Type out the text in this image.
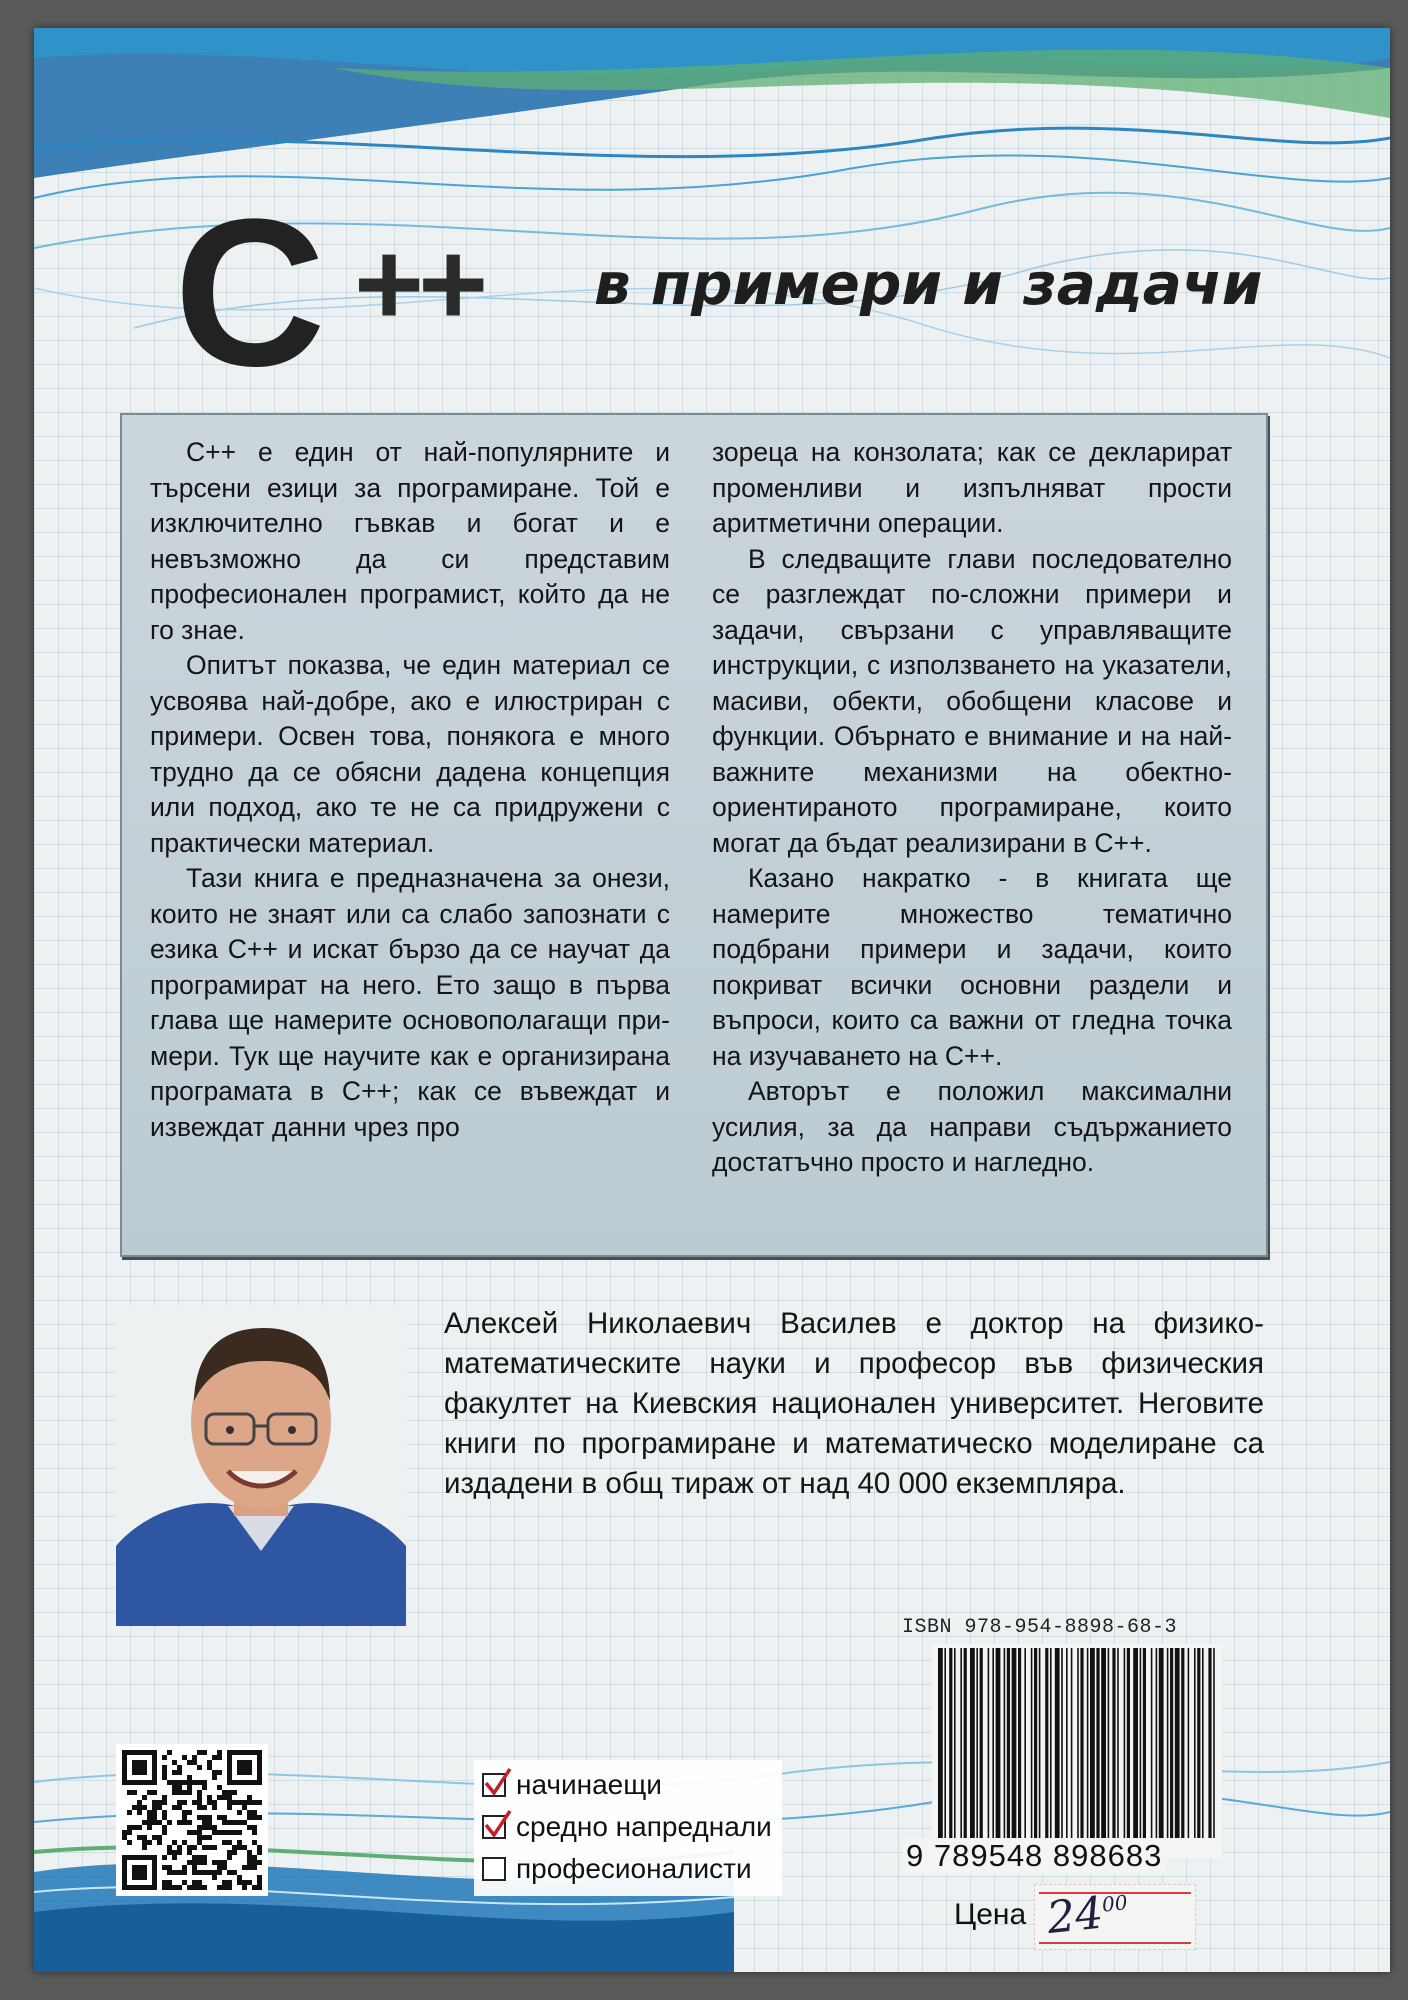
C ++ в примери и задачи

С++ е един от най-популярните и търсени езици за програмиране. Той е изключително гъвкав и богат и е невъзможно да си представим професионален програмист, който да не го знае.

Опитът показва, че един материал се усвоява най-добре, ако е илюстриран с примери. Освен това, понякога е много трудно да се обясни дадена концепция или подход, ако те не са придружени с практически материал.

Тази книга е предназначена за онези, които не знаят или са слабо запознати с езика С++ и искат бързо да се научат да програмират на него. Ето защо в първа глава ще намерите основополагащи примери. Тук ще научите как е организирана програмата в С++; как се въвеждат и извеждат данни чрез про

зореца на конзолата; как се декларират променливи и изпълняват прости аритметични операции.

В следващите глави последователно се разглеждат по-сложни примери и задачи, свързани с управляващите инструкции, с използването на указатели, масиви, обекти, обобщени класове и функции. Обърнато е внимание и на най-важните механизми на обектно-ориентираното програмиране, които могат да бъдат реализирани в С++.

Казано накратко - в книгата ще намерите множество тематично подбрани примери и задачи, които покриват всички основни раздели и въпроси, които са важни от гледна точка на изучаването на С++.

Авторът е положил максимални усилия, за да направи съдържанието достатъчно просто и нагледно.

Алексей Николаевич Василев е доктор на физико-математическите науки и професор във физическия факултет на Киевския национален университет. Неговите книги по програмиране и математическо моделиране са издадени в общ тираж от над 40 000 екземпляра.
ISBN 978-954-8898-68-3
9 789548 898683
начинаещи
средно напреднали
професионалисти
Цена $24^{00}$
